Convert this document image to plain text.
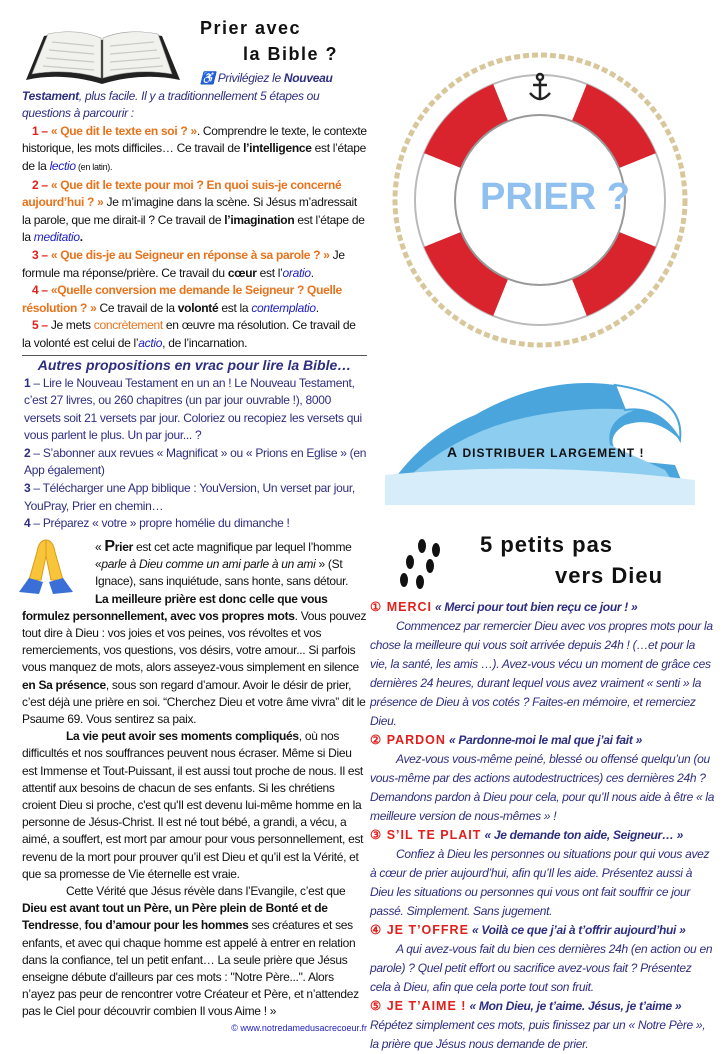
Prier avec
la Bible ?

♿ Privilégiez le Nouveau Testament, plus facile. Il y a traditionnellement 5 étapes ou questions à parcourir :

1 – « Que dit le texte en soi ? ». Comprendre le texte, le contexte historique, les mots difficiles… Ce travail de l’intelligence est l’étape de la lectio (en latin).

2 – « Que dit le texte pour moi ? En quoi suis-je concerné aujourd’hui ? » Je m’imagine dans la scène. Si Jésus m’adressait la parole, que me dirait-il ? Ce travail de l’imagination est l’étape de la meditatio.

3 – « Que dis-je au Seigneur en réponse à sa parole ? » Je formule ma réponse/prière. Ce travail du cœur est l’oratio.

4 – «Quelle conversion me demande le Seigneur ? Quelle résolution ? » Ce travail de la volonté est la contemplatio.

5 – Je mets concrètement en œuvre ma résolution. Ce travail de la volonté est celui de l’actio, de l’incarnation.

Autres propositions en vrac pour lire la Bible…

1 – Lire le Nouveau Testament en un an ! Le Nouveau Testament, c’est 27 livres, ou 260 chapitres (un par jour ouvrable !), 8000 versets soit 21 versets par jour. Coloriez ou recopiez les versets qui vous parlent le plus. Un par jour... ?

2 – S’abonner aux revues « Magnificat » ou « Prions en Eglise » (en App également)

3 – Télécharger une App biblique : YouVersion, Un verset par jour, YouPray, Prier en chemin…

4 – Préparez « votre » propre homélie du dimanche !

PRIER ?
A DISTRIBUER LARGEMENT !

« Prier est cet acte magnifique par lequel l’homme «parle à Dieu comme un ami parle à un ami » (St Ignace), sans inquiétude, sans honte, sans détour.

La meilleure prière est donc celle que vous

formulez personnellement, avec vos propres mots. Vous pouvez tout dire à Dieu : vos joies et vos peines, vos révoltes et vos remerciements, vos questions, vos désirs, votre amour... Si parfois vous manquez de mots, alors asseyez-vous simplement en silence en Sa présence, sous son regard d’amour. Avoir le désir de prier, c’est déjà une prière en soi. “Cherchez Dieu et votre âme vivra” dit le Psaume 69. Vous sentirez sa paix.

La vie peut avoir ses moments compliqués, où nos difficultés et nos souffrances peuvent nous écraser. Même si Dieu est Immense et Tout-Puissant, il est aussi tout proche de nous. Il est attentif aux besoins de chacun de ses enfants. Si les chrétiens croient Dieu si proche, c'est qu'Il est devenu lui-même homme en la personne de Jésus-Christ. Il est né tout bébé, a grandi, a vécu, a aimé, a souffert, est mort par amour pour vous personnellement, est revenu de la mort pour prouver qu’il est Dieu et qu’il est la Vérité, et que sa promesse de Vie éternelle est vraie.

Cette Vérité que Jésus révèle dans l’Evangile, c’est que Dieu est avant tout un Père, un Père plein de Bonté et de Tendresse, fou d’amour pour les hommes ses créatures et ses enfants, et avec qui chaque homme est appelé à entrer en relation dans la confiance, tel un petit enfant… La seule prière que Jésus enseigne débute d'ailleurs par ces mots : "Notre Père...". Alors n’ayez pas peur de rencontrer votre Créateur et Père, et n’attendez pas le Ciel pour découvrir combien Il vous Aime ! »

© www.notredamedusacrecoeur.fr
5 petits pas
vers Dieu

① MERCI « Merci pour tout bien reçu ce jour ! »

Commencez par remercier Dieu avec vos propres mots pour la chose la meilleure qui vous soit arrivée depuis 24h ! (…et pour la vie, la santé, les amis …). Avez-vous vécu un moment de grâce ces dernières 24 heures, durant lequel vous avez vraiment « senti » la présence de Dieu à vos cotés ? Faites-en mémoire, et remerciez Dieu.

② PARDON « Pardonne-moi le mal que j’ai fait »

Avez-vous vous-même peiné, blessé ou offensé quelqu’un (ou vous-même par des actions autodestructrices) ces dernières 24h ? Demandons pardon à Dieu pour cela, pour qu’Il nous aide à être « la meilleure version de nous-mêmes » !

③ S’IL TE PLAIT « Je demande ton aide, Seigneur… »

Confiez à Dieu les personnes ou situations pour qui vous avez à cœur de prier aujourd’hui, afin qu’Il les aide. Présentez aussi à Dieu les situations ou personnes qui vous ont fait souffrir ce jour passé. Simplement. Sans jugement.

④ JE T’OFFRE « Voilà ce que j’ai à t’offrir aujourd’hui »

A qui avez-vous fait du bien ces dernières 24h (en action ou en parole) ? Quel petit effort ou sacrifice avez-vous fait ? Présentez cela à Dieu, afin que cela porte tout son fruit.

⑤ JE T’AIME ! « Mon Dieu, je t’aime. Jésus, je t’aime »

Répétez simplement ces mots, puis finissez par un « Notre Père », la prière que Jésus nous demande de prier.
